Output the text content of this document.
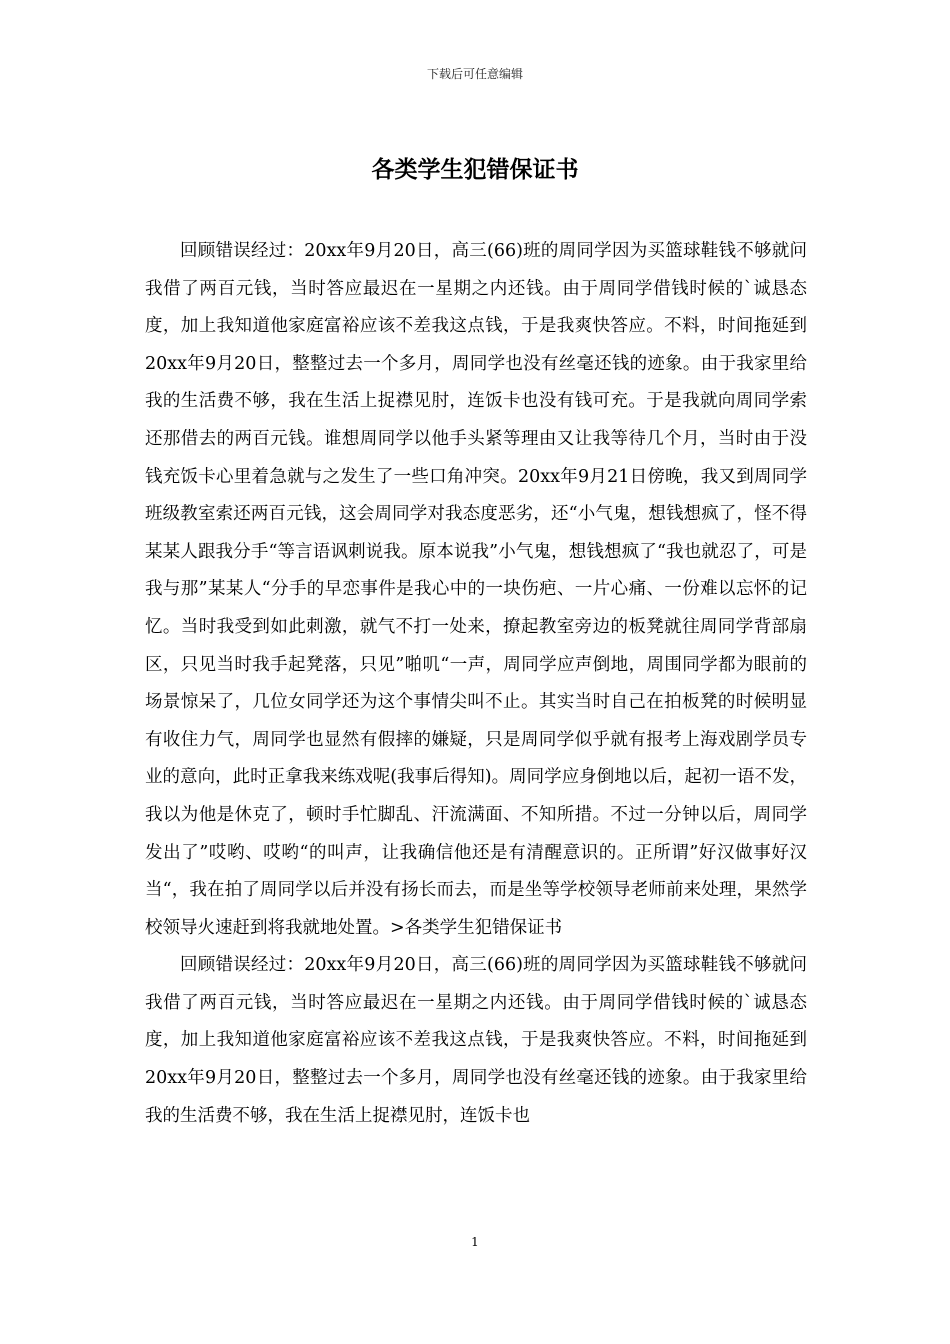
下载后可任意编辑
各类学生犯错保证书

回顾错误经过：20xx年9月20日，高三(66)班的周同学因为买篮球鞋钱不够就问我借了两百元钱，当时答应最迟在一星期之内还钱。由于周同学借钱时候的`诚恳态度，加上我知道他家庭富裕应该不差我这点钱，于是我爽快答应。不料，时间拖延到20xx年9月20日，整整过去一个多月，周同学也没有丝毫还钱的迹象。由于我家里给我的生活费不够，我在生活上捉襟见肘，连饭卡也没有钱可充。于是我就向周同学索还那借去的两百元钱。谁想周同学以他手头紧等理由又让我等待几个月，当时由于没钱充饭卡心里着急就与之发生了一些口角冲突。20xx年9月21日傍晚，我又到周同学班级教室索还两百元钱，这会周同学对我态度恶劣，还“小气鬼，想钱想疯了，怪不得某某人跟我分手“等言语讽刺说我。原本说我”小气鬼，想钱想疯了“我也就忍了，可是我与那”某某人“分手的早恋事件是我心中的一块伤疤、一片心痛、一份难以忘怀的记忆。当时我受到如此刺激，就气不打一处来，撩起教室旁边的板凳就往周同学背部扇区，只见当时我手起凳落，只见”啪叽“一声，周同学应声倒地，周围同学都为眼前的场景惊呆了，几位女同学还为这个事情尖叫不止。其实当时自己在拍板凳的时候明显有收住力气，周同学也显然有假摔的嫌疑，只是周同学似乎就有报考上海戏剧学员专业的意向，此时正拿我来练戏呢(我事后得知)。周同学应身倒地以后，起初一语不发，我以为他是休克了，顿时手忙脚乱、汗流满面、不知所措。不过一分钟以后，周同学发出了”哎哟、哎哟“的叫声，让我确信他还是有清醒意识的。正所谓”好汉做事好汉当“，我在拍了周同学以后并没有扬长而去，而是坐等学校领导老师前来处理，果然学校领导火速赶到将我就地处置。>各类学生犯错保证书

回顾错误经过：20xx年9月20日，高三(66)班的周同学因为买篮球鞋钱不够就问我借了两百元钱，当时答应最迟在一星期之内还钱。由于周同学借钱时候的`诚恳态度，加上我知道他家庭富裕应该不差我这点钱，于是我爽快答应。不料，时间拖延到20xx年9月20日，整整过去一个多月，周同学也没有丝毫还钱的迹象。由于我家里给我的生活费不够，我在生活上捉襟见肘，连饭卡也

1
